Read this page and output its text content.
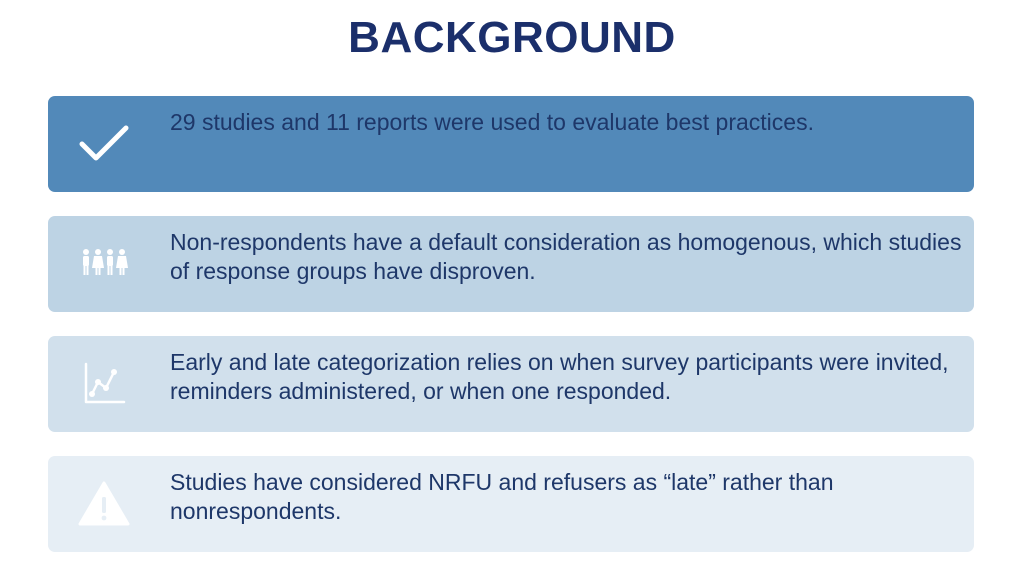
BACKGROUND
29 studies and 11 reports were used to evaluate best practices.
Non-respondents have a default consideration as homogenous, which studies of response groups have disproven.
Early and late categorization relies on when survey participants were invited, reminders administered, or when one responded.
Studies have considered NRFU and refusers as “late” rather than nonrespondents.
